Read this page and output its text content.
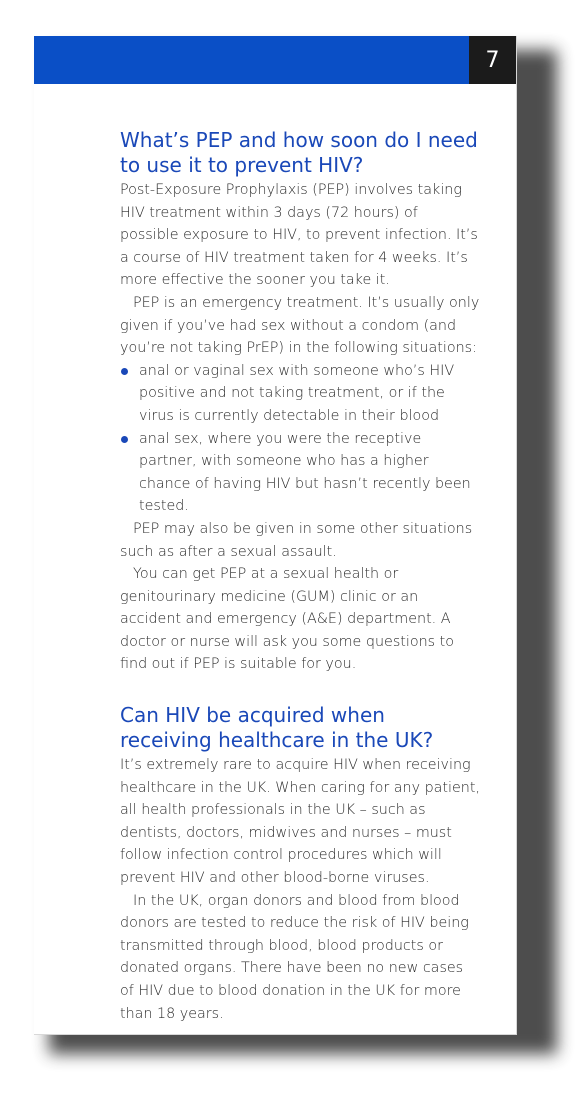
7
What’s PEP and how soon do I need to use it to prevent HIV?

Post-Exposure Prophylaxis (PEP) involves taking HIV treatment within 3 days (72 hours) of possible exposure to HIV, to prevent infection. It’s a course of HIV treatment taken for 4 weeks. It’s more effective the sooner you take it.

PEP is an emergency treatment. It’s usually only given if you’ve had sex without a condom (and you’re not taking PrEP) in the following situations:

anal or vaginal sex with someone who’s HIV positive and not taking treatment, or if the virus is currently detectable in their blood
anal sex, where you were the receptive partner, with someone who has a higher chance of having HIV but hasn’t recently been tested.

PEP may also be given in some other situations such as after a sexual assault.

You can get PEP at a sexual health or genitourinary medicine (GUM) clinic or an accident and emergency (A&E) department. A doctor or nurse will ask you some questions to find out if PEP is suitable for you.

Can HIV be acquired when receiving healthcare in the UK?

It’s extremely rare to acquire HIV when receiving healthcare in the UK. When caring for any patient, all health professionals in the UK – such as dentists, doctors, midwives and nurses – must follow infection control procedures which will prevent HIV and other blood-borne viruses.

In the UK, organ donors and blood from blood donors are tested to reduce the risk of HIV being transmitted through blood, blood products or donated organs. There have been no new cases of HIV due to blood donation in the UK for more than 18 years.
